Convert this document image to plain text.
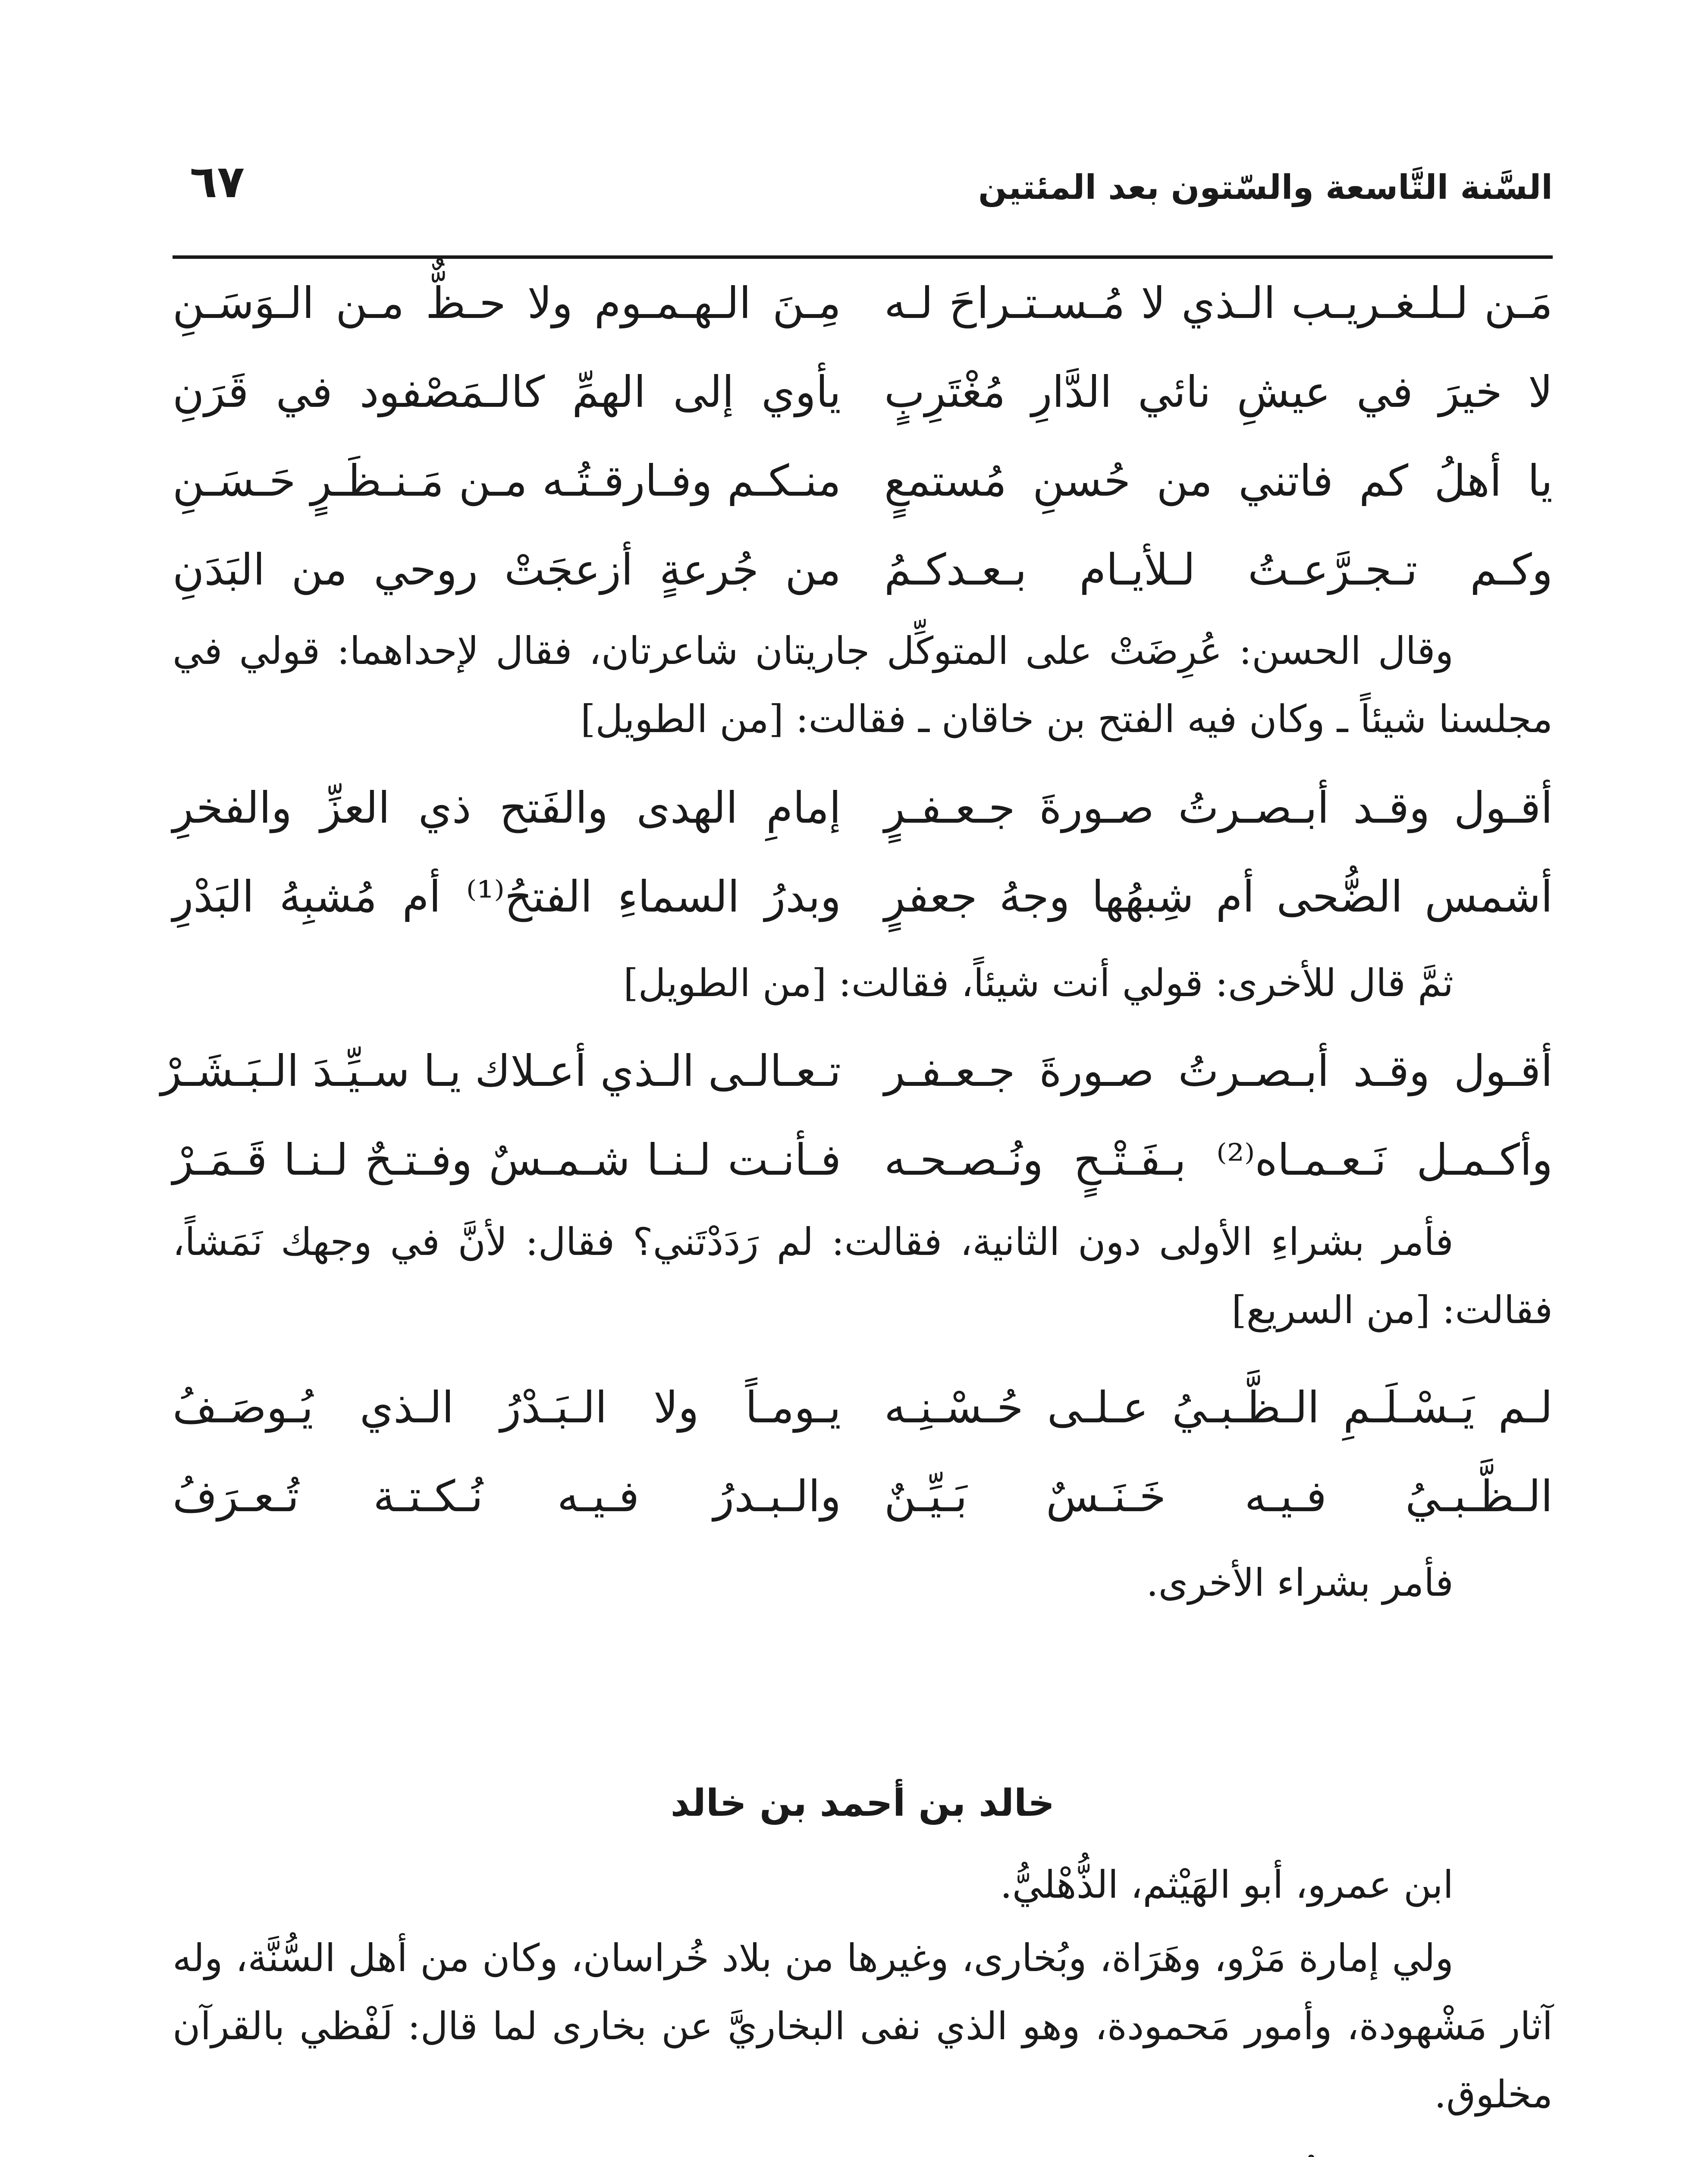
السَّنة التَّاسعة والسّتون بعد المئتين
٦٧
مَـن لـلـغـريـب الـذي لا مُـسـتـراحَ لـه
مِـنَ الـهـمـوم ولا حـظٌّ مـن الـوَسَـنِ
لا خيرَ في عيشِ نائي الدَّارِ مُغْتَرِبٍ
يأوي إلى الهمِّ كالـمَصْفود في قَرَنِ
يا أهلُ كم فاتني من حُسنِ مُستمعٍ
منـكـم وفـارقـتُـه مـن مَـنـظَـرٍ حَـسَـنِ
وكـم تـجـرَّعـتُ لـلأيـام بـعـدكـمُ
من جُرعةٍ أزعجَتْ روحي من البَدَنِ
وقال الحسن: عُرِضَتْ على المتوكِّل جاريتان شاعرتان، فقال لإحداهما: قولي في مجلسنا شيئاً ـ وكان فيه الفتح بن خاقان ـ فقالت: [من الطويل]
أقـول وقـد أبـصـرتُ صـورةَ جـعـفـرٍ
إمامِ الهدى والفَتح ذي العزِّ والفخرِ
أشمس الضُّحى أم شِبهُها وجهُ جعفرٍ
وبدرُ السماءِ الفتحُ⁽¹⁾ أم مُشبِهُ البَدْرِ
ثمَّ قال للأخرى: قولي أنت شيئاً، فقالت: [من الطويل]
أقـول وقـد أبـصـرتُ صـورةَ جـعـفـر
تـعـالـى الـذي أعـلاك يـا سـيِّـدَ الـبَـشَـرْ
وأكـمـل نَـعـمـاه⁽²⁾ بـفَـتْـحٍ ونُـصـحـه
فـأنـت لـنـا شـمـسٌ وفـتـحٌ لـنـا قَـمَـرْ
فأمر بشراءِ الأولى دون الثانية، فقالت: لم رَدَدْتَني؟ فقال: لأنَّ في وجهك نَمَشاً، فقالت: [من السريع]
لـم يَـسْـلَـمِ الـظَّـبـيُ عـلـى حُـسْـنِـه
يـومـاً ولا الـبَـدْرُ الـذي يُـوصَـفُ
الـظَّـبـيُ فـيـه خَـنَـسٌ بَـيِّـنٌ
والـبـدرُ فـيـه نُـكـتـة تُـعـرَفُ
فأمر بشراء الأخرى.
خالد بن أحمد بن خالد
ابن عمرو، أبو الهَيْثم، الذُّهْليُّ.
ولي إمارة مَرْو، وهَرَاة، وبُخارى، وغيرها من بلاد خُراسان، وكان من أهل السُّنَّة، وله آثار مَشْهودة، وأمور مَحمودة، وهو الذي نفى البخاريَّ عن بخارى لما قال: لَفْظي بالقرآن مخلوق.
